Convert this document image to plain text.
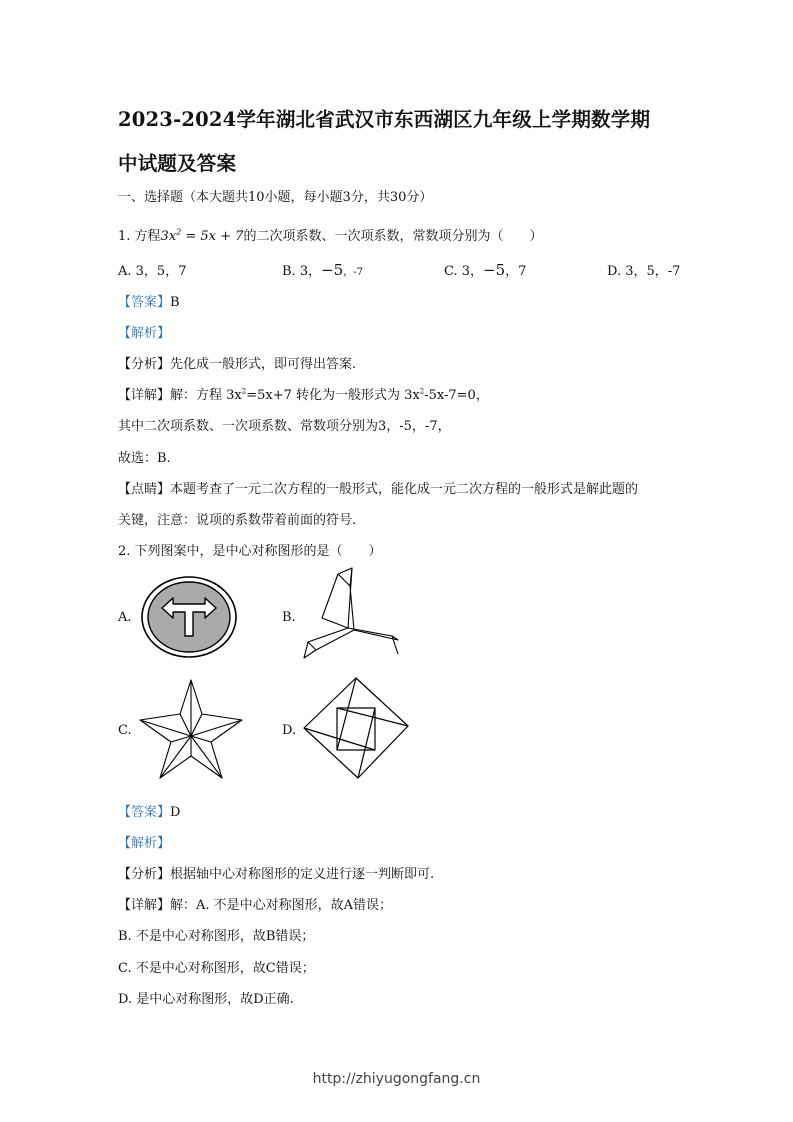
2023-2024学年湖北省武汉市东西湖区九年级上学期数学期
中试题及答案
一、选择题（本大题共10小题，每小题3分，共30分）
1. 方程$3x^2 = 5x + 7$的二次项系数、一次项系数，常数项分别为（　　）
A. 3，5，7	B. 3，−5，-7	C. 3，−5，7	D. 3，5，-7
【答案】B
【解析】
【分析】先化成一般形式，即可得出答案.
【详解】解：方程 $3x^2=5x+7$ 转化为一般形式为 $3x^2-5x-7=0$，
其中二次项系数、一次项系数、常数项分别为3，-5，-7，
故选：B.
【点睛】本题考查了一元二次方程的一般形式，能化成一元二次方程的一般形式是解此题的
关键，注意：说项的系数带着前面的符号.
2. 下列图案中，是中心对称图形的是（　　）
A.	B.
C.	D.
【答案】D
【解析】
【分析】根据轴中心对称图形的定义进行逐一判断即可.
【详解】解：A. 不是中心对称图形，故A错误；
B. 不是中心对称图形，故B错误；
C. 不是中心对称图形，故C错误；
D. 是中心对称图形，故D正确.
http://zhiyugongfang.cn
